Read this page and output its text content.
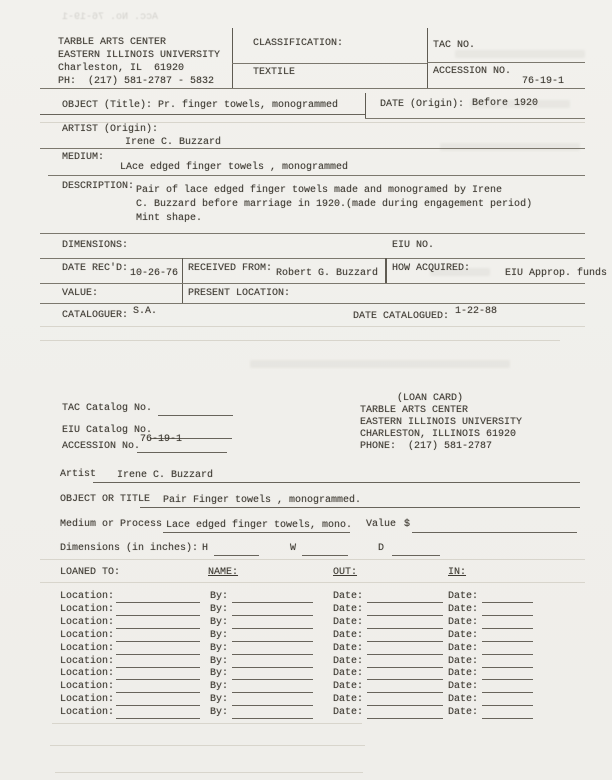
Acc. No. 76-19-1
TARBLE ARTS CENTER
EASTERN ILLINOIS UNIVERSITY
Charleston, IL  61920
PH:  (217) 581-2787 - 5832
CLASSIFICATION:
TEXTILE
TAC NO.
ACCESSION NO.
76-19-1
OBJECT (Title): Pr. finger towels, monogrammed	DATE (Origin): Before 1920
ARTIST (Origin):
Irene C. Buzzard
MEDIUM:
LAce edged finger towels , monogrammed
DESCRIPTION: Pair of lace edged finger towels made and monogramed by Irene
C. Buzzard before marriage in 1920.(made during engagement period)
Mint shape.
DIMENSIONS:	EIU NO.
DATE REC'D: 10-26-76 RECEIVED FROM: Robert G. Buzzard HOW ACQUIRED:	EIU Approp. funds
VALUE:	PRESENT LOCATION:
CATALOGUER: S.A.	DATE CATALOGUED: 1-22-88
(LOAN CARD)
TARBLE ARTS CENTER
EASTERN ILLINOIS UNIVERSITY
CHARLESTON, ILLINOIS 61920
PHONE:  (217) 581-2787
TAC Catalog No.
EIU Catalog No.
ACCESSION No.
76-19-1
Artist Irene C. Buzzard
OBJECT OR TITLE Pair Finger towels , monogrammed.
Medium or Process Lace edged finger towels, mono. Value $
Dimensions (in inches): H	W	D
LOANED TO:	NAME:	OUT:	IN:
Location:	By:	Date:	Date:
Location:	By:	Date:	Date:
Location:	By:	Date:	Date:
Location:	By:	Date:	Date:
Location:	By:	Date:	Date:
Location:	By:	Date:	Date:
Location:	By:	Date:	Date:
Location:	By:	Date:	Date:
Location:	By:	Date:	Date:
Location:	By:	Date:	Date:
